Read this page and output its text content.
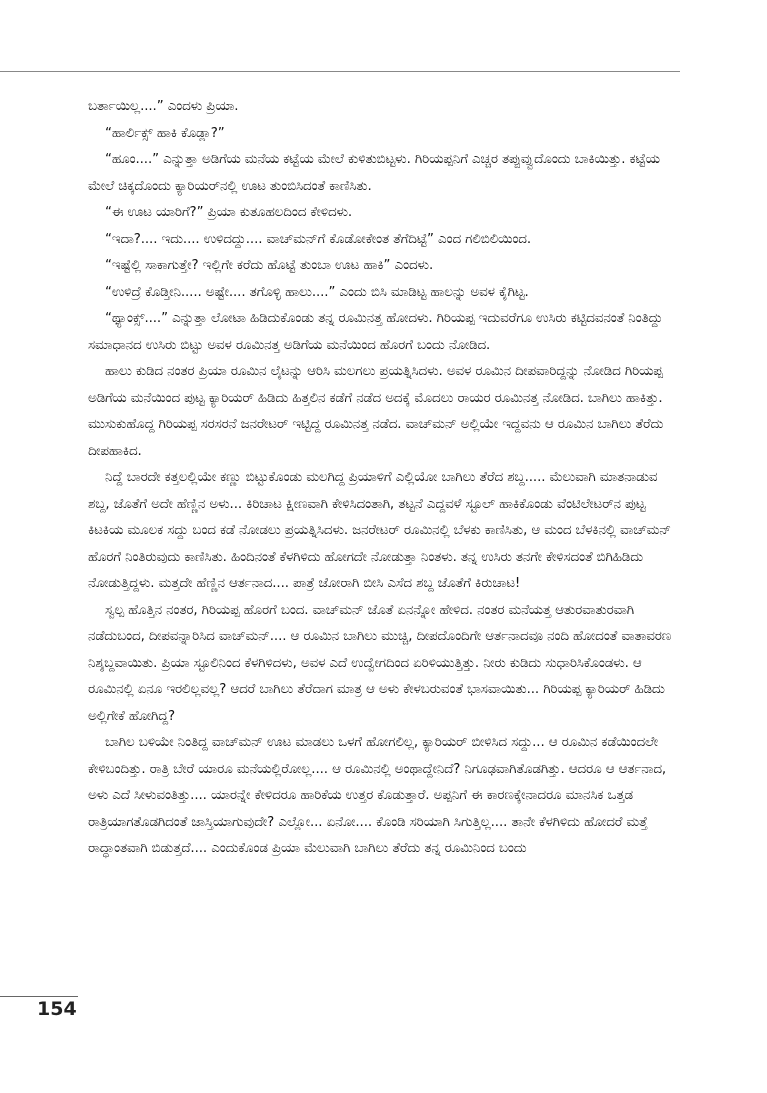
ಬರ್ತಾಯಿಲ್ಲ....” ಎಂದಳು ಪ್ರಿಯಾ.

“ಹಾರ್ಲಿಕ್ಸ್ ಹಾಕಿ ಕೊಡ್ಲಾ?”

“ಹೂಂ....” ಎನ್ನುತ್ತಾ ಅಡಿಗೆಯ ಮನೆಯ ಕಟ್ಟೆಯ ಮೇಲೆ ಕುಳಿತುಬಿಟ್ಟಳು. ಗಿರಿಯಪ್ಪನಿಗೆ ಎಚ್ಚರ ತಪ್ಪುವ್ವುದೊಂದು ಬಾಕಿಯಿತ್ತು. ಕಟ್ಟೆಯ ಮೇಲೆ ಚಿಕ್ಕದೊಂದು ಕ್ಯಾರಿಯರ್‌ನಲ್ಲಿ ಊಟ ತುಂಬಿಸಿದಂತೆ ಕಾಣಿಸಿತು.

“ಈ ಊಟ ಯಾರಿಗೆ?” ಪ್ರಿಯಾ ಕುತೂಹಲದಿಂದ ಕೇಳಿದಳು.

“ಇದಾ?.... ಇದು.... ಉಳಿದದ್ದು.... ವಾಚ್‌ಮನ್‌ಗೆ ಕೊಡೋಕೇಂತ ತೆಗೆದಿಟ್ಟೆ” ಎಂದ ಗಲಿಬಿಲಿಯಿಂದ.

“ಇಷ್ಟೆಲ್ಲಿ ಸಾಕಾಗುತ್ತೇ? ಇಲ್ಲಿಗೇ ಕರೆದು ಹೊಟ್ಟೆ ತುಂಬಾ ಊಟ ಹಾಕಿ” ಎಂದಳು.

“ಉಳಿದ್ರೆ ಕೊಡ್ತೀನಿ..... ಅಷ್ಟೇ.... ತಗೊಳ್ಳಿ ಹಾಲು....” ಎಂದು ಬಿಸಿ ಮಾಡಿಟ್ಟ ಹಾಲನ್ನು ಅವಳ ಕೈಗಿಟ್ಟ.

“ಥ್ಯಾಂಕ್ಸ್....” ಎನ್ನುತ್ತಾ ಲೋಟಾ ಹಿಡಿದುಕೊಂಡು ತನ್ನ ರೂಮಿನತ್ತ ಹೋದಳು. ಗಿರಿಯಪ್ಪ ಇದುವರೆಗೂ ಉಸಿರು ಕಟ್ಟಿದವನಂತೆ ನಿಂತಿದ್ದು ಸಮಾಧಾನದ ಉಸಿರು ಬಿಟ್ಟು ಅವಳ ರೂಮಿನತ್ತ ಅಡಿಗೆಯ ಮನೆಯಿಂದ ಹೊರಗೆ ಬಂದು ನೋಡಿದ.

ಹಾಲು ಕುಡಿದ ನಂತರ ಪ್ರಿಯಾ ರೂಮಿನ ಲೈಟನ್ನು ಆರಿಸಿ ಮಲಗಲು ಪ್ರಯತ್ನಿಸಿದಳು. ಅವಳ ರೂಮಿನ ದೀಪವಾರಿದ್ದನ್ನು ನೋಡಿದ ಗಿರಿಯಪ್ಪ ಅಡಿಗೆಯ ಮನೆಯಿಂದ ಪುಟ್ಟ ಕ್ಯಾರಿಯರ್ ಹಿಡಿದು ಹಿತ್ತಲಿನ ಕಡೆಗೆ ನಡೆದ ಅದಕ್ಕೆ ಮೊದಲು ರಾಯರ ರೂಮಿನತ್ತ ನೋಡಿದ. ಬಾಗಿಲು ಹಾಕಿತ್ತು. ಮುಸುಕುಹೊದ್ದ ಗಿರಿಯಪ್ಪ ಸರಸರನೆ ಜನರೇಟರ್ ಇಟ್ಟಿದ್ದ ರೂಮಿನತ್ತ ನಡೆದ. ವಾಚ್‌ಮನ್ ಅಲ್ಲಿಯೇ ಇದ್ದವನು ಆ ರೂಮಿನ ಬಾಗಿಲು ತೆರೆದು ದೀಪಹಾಕಿದ.

ನಿದ್ದೆ ಬಾರದೇ ಕತ್ತಲಲ್ಲಿಯೇ ಕಣ್ಣು ಬಿಟ್ಟುಕೊಂಡು ಮಲಗಿದ್ದ ಪ್ರಿಯಾಳಿಗೆ ಎಲ್ಲಿಯೋ ಬಾಗಿಲು ತೆರೆದ ಶಬ್ದ..... ಮೆಲುವಾಗಿ ಮಾತನಾಡುವ ಶಬ್ದ, ಜೊತೆಗೆ ಅದೇ ಹೆಣ್ಣಿನ ಅಳು... ಕಿರಿಚಾಟ ಕ್ಷೀಣವಾಗಿ ಕೇಳಿಸಿದಂತಾಗಿ, ತಟ್ಟನೆ ಎದ್ದವಳೆ ಸ್ಟೂಲ್ ಹಾಕಿಕೊಂಡು ವೆಂಟಿಲೇಟರ್‌ನ ಪುಟ್ಟ ಕಿಟಕಿಯ ಮೂಲಕ ಸದ್ದು ಬಂದ ಕಡೆ ನೋಡಲು ಪ್ರಯತ್ನಿಸಿದಳು. ಜನರೇಟರ್ ರೂಮಿನಲ್ಲಿ ಬೆಳಕು ಕಾಣಿಸಿತು, ಆ ಮಂದ ಬೆಳಕಿನಲ್ಲಿ ವಾಚ್‌ಮನ್ ಹೊರಗೆ ನಿಂತಿರುವುದು ಕಾಣಿಸಿತು. ಹಿಂದಿನಂತೆ ಕೆಳಗಿಳಿದು ಹೋಗದೇ ನೋಡುತ್ತಾ ನಿಂತಳು. ತನ್ನ ಉಸಿರು ತನಗೇ ಕೇಳಿಸದಂತೆ ಬಿಗಿಹಿಡಿದು ನೋಡುತ್ತಿದ್ದಳು. ಮತ್ತದೇ ಹೆಣ್ಣಿನ ಆರ್ತನಾದ.... ಪಾತ್ರೆ ಜೋರಾಗಿ ಬೀಸಿ ಎಸೆದ ಶಬ್ದ ಜೊತೆಗೆ ಕಿರುಚಾಟ!

ಸ್ವಲ್ಪ ಹೊತ್ತಿನ ನಂತರ, ಗಿರಿಯಪ್ಪ ಹೊರಗೆ ಬಂದ. ವಾಚ್‌ಮನ್ ಜೊತೆ ಏನನ್ನೋ ಹೇಳಿದ. ನಂತರ ಮನೆಯತ್ತ ಆತುರವಾತುರವಾಗಿ ನಡೆದುಬಂದ, ದೀಪವನ್ನಾರಿಸಿದ ವಾಚ್‌ಮನ್.... ಆ ರೂಮಿನ ಬಾಗಿಲು ಮುಚ್ಚಿ, ದೀಪದೊಂದಿಗೇ ಆರ್ತನಾದವೂ ನಂದಿ ಹೋದಂತೆ ವಾತಾವರಣ ನಿಶ್ಶಬ್ದವಾಯಿತು. ಪ್ರಿಯಾ ಸ್ಟೂಲಿನಿಂದ ಕೆಳಗಿಳಿದಳು, ಅವಳ ಎದೆ ಉದ್ವೇಗದಿಂದ ಏರಿಳಿಯುತ್ತಿತ್ತು. ನೀರು ಕುಡಿದು ಸುಧಾರಿಸಿಕೊಂಡಳು. ಆ ರೂಮಿನಲ್ಲಿ ಏನೂ ಇರಲಿಲ್ಲವಲ್ಲ? ಆದರೆ ಬಾಗಿಲು ತೆರೆದಾಗ ಮಾತ್ರ ಆ ಅಳು ಕೇಳಬರುವಂತೆ ಭಾಸವಾಯಿತು... ಗಿರಿಯಪ್ಪ ಕ್ಯಾರಿಯರ್ ಹಿಡಿದು ಅಲ್ಲಿಗೇಕೆ ಹೋಗಿದ್ದ?

ಬಾಗಿಲ ಬಳಿಯೇ ನಿಂತಿದ್ದ ವಾಚ್‌ಮನ್ ಊಟ ಮಾಡಲು ಒಳಗೆ ಹೋಗಲಿಲ್ಲ, ಕ್ಯಾರಿಯರ್ ಬೀಳಿಸಿದ ಸದ್ದು... ಆ ರೂಮಿನ ಕಡೆಯಿಂದಲೇ ಕೇಳಿಬಂದಿತ್ತು. ರಾತ್ರಿ ಬೇರೆ ಯಾರೂ ಮನೆಯಲ್ಲಿರೋಲ್ಲ.... ಆ ರೂಮಿನಲ್ಲಿ ಅಂಥಾದ್ದೇನಿದೆ? ನಿಗೂಢವಾಗಿತೊಡಗಿತ್ತು. ಆದರೂ ಆ ಆರ್ತನಾದ, ಅಳು ಎದೆ ಸೀಳುವಂತಿತ್ತು.... ಯಾರನ್ನೇ ಕೇಳಿದರೂ ಹಾರಿಕೆಯ ಉತ್ತರ ಕೊಡುತ್ತಾರೆ. ಅಪ್ಪನಿಗೆ ಈ ಕಾರಣಕ್ಕೇನಾದರೂ ಮಾನಸಿಕ ಒತ್ತಡ ರಾತ್ರಿಯಾಗತೊಡಗಿದಂತೆ ಜಾಸ್ತಿಯಾಗುವುದೇ? ಎಲ್ಲೋ... ಏನೋ.... ಕೊಂಡಿ ಸರಿಯಾಗಿ ಸಿಗುತ್ತಿಲ್ಲ.... ತಾನೇ ಕೆಳಗಿಳಿದು ಹೋದರೆ ಮತ್ತೆ ರಾದ್ಧಾಂತವಾಗಿ ಬಿಡುತ್ತದೆ.... ಎಂದುಕೊಂಡ ಪ್ರಿಯಾ ಮೆಲುವಾಗಿ ಬಾಗಿಲು ತೆರೆದು ತನ್ನ ರೂಮಿನಿಂದ ಬಂದು

154
